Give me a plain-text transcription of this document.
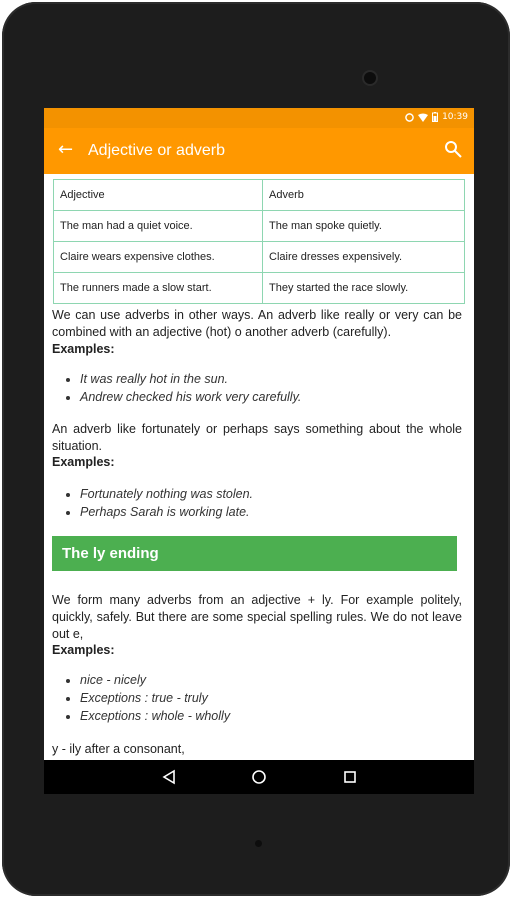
10:39
← Adjective or adverb
Adjective	Adverb
The man had a quiet voice.	The man spoke quietly.
Claire wears expensive clothes.	Claire dresses expensively.
The runners made a slow start.	They started the race slowly.
We can use adverbs in other ways. An adverb like really or very can be combined with an adjective (hot) o another adverb (carefully).
Examples:
• It was really hot in the sun.
• Andrew checked his work very carefully.
An adverb like fortunately or perhaps says something about the whole situation.
Examples:
• Fortunately nothing was stolen.
• Perhaps Sarah is working late.
The ly ending
We form many adverbs from an adjective + ly. For example politely, quickly, safely. But there are some special spelling rules. We do not leave out e,
Examples:
• nice - nicely
• Exceptions : true - truly
• Exceptions : whole - wholly
y - ily after a consonant,
